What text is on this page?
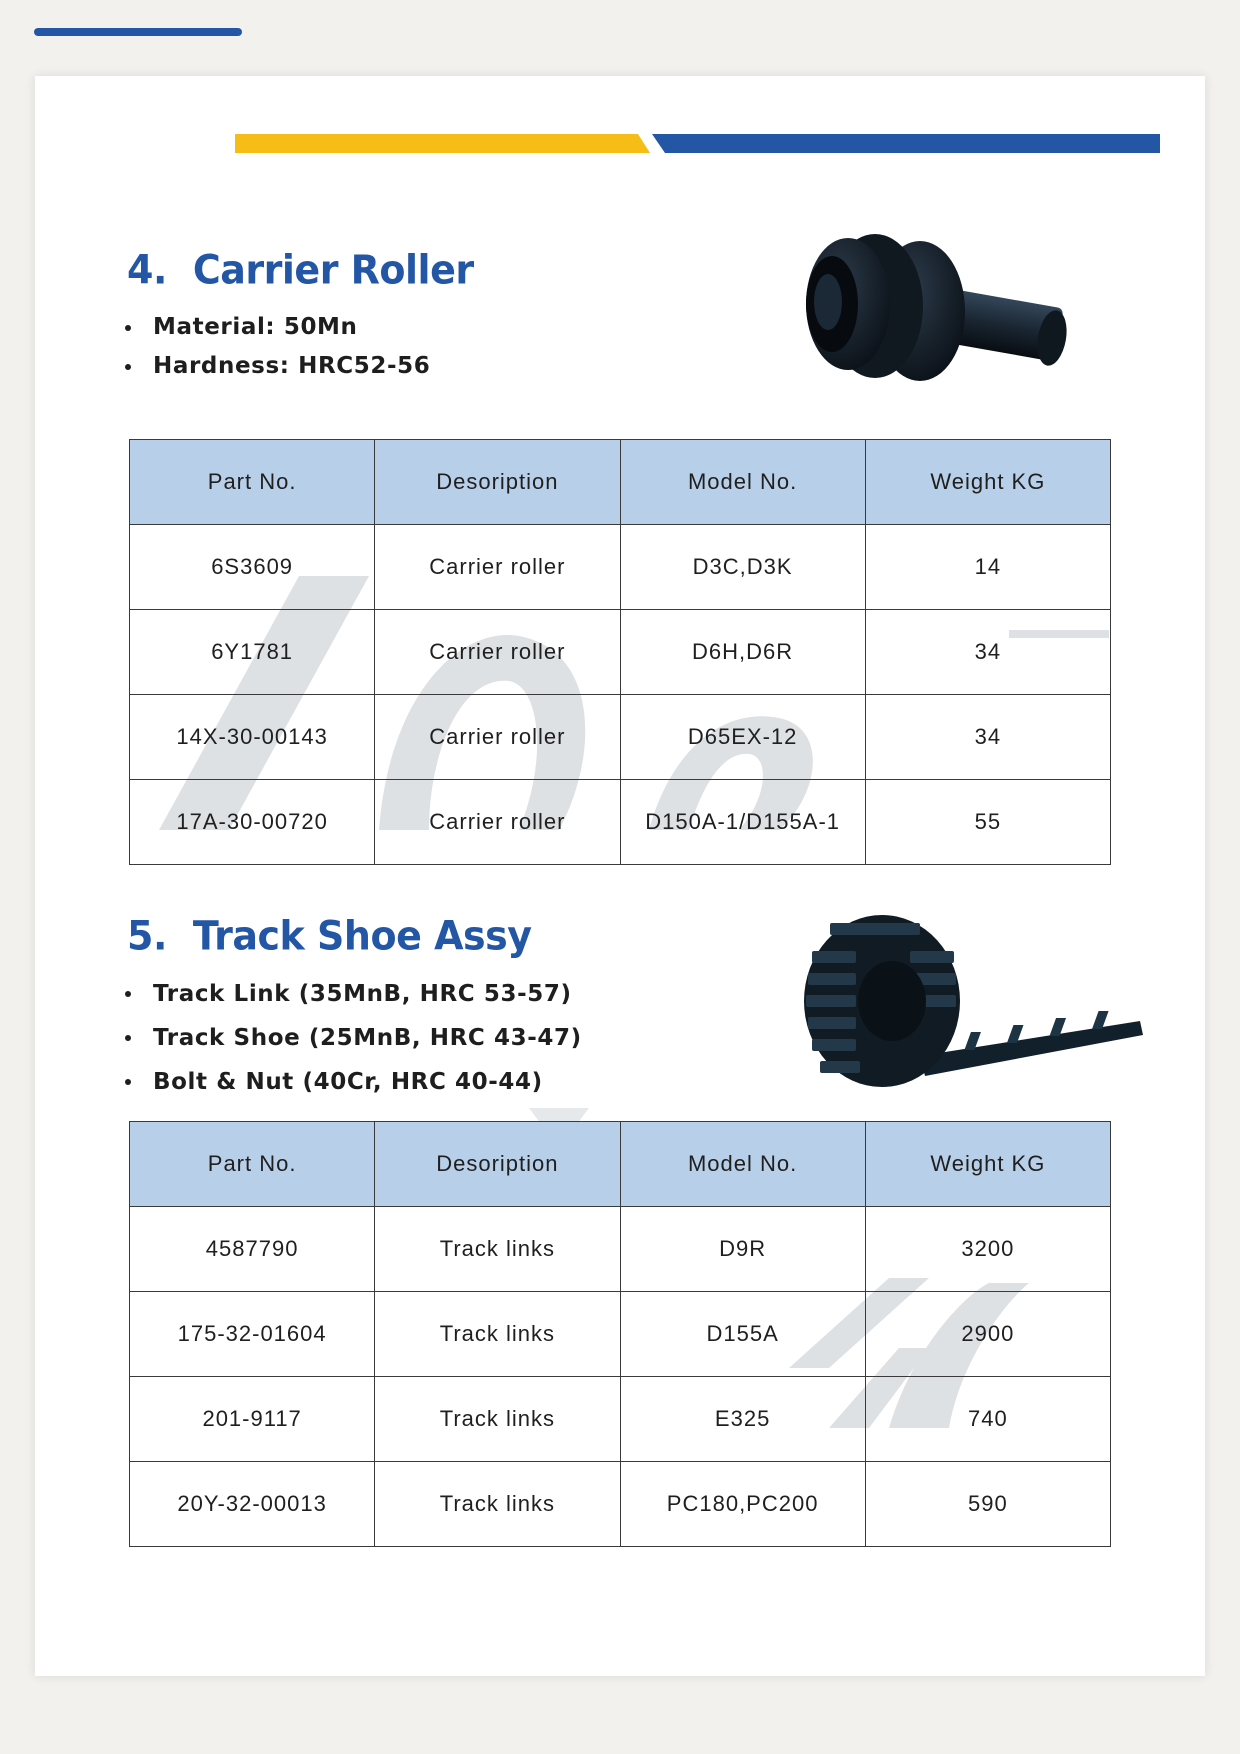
4. Carrier Roller
Material: 50Mn
Hardness: HRC52-56
Part No.	Desoription	Model No.	Weight KG
6S3609	Carrier roller	D3C,D3K	14
6Y1781	Carrier roller	D6H,D6R	34
14X-30-00143	Carrier roller	D65EX-12	34
17A-30-00720	Carrier roller	D150A-1/D155A-1	55
5. Track Shoe Assy
Track Link (35MnB, HRC 53-57)
Track Shoe (25MnB, HRC 43-47)
Bolt & Nut (40Cr, HRC 40-44)
Part No.	Desoription	Model No.	Weight KG
4587790	Track links	D9R	3200
175-32-01604	Track links	D155A	2900
201-9117	Track links	E325	740
20Y-32-00013	Track links	PC180,PC200	590
